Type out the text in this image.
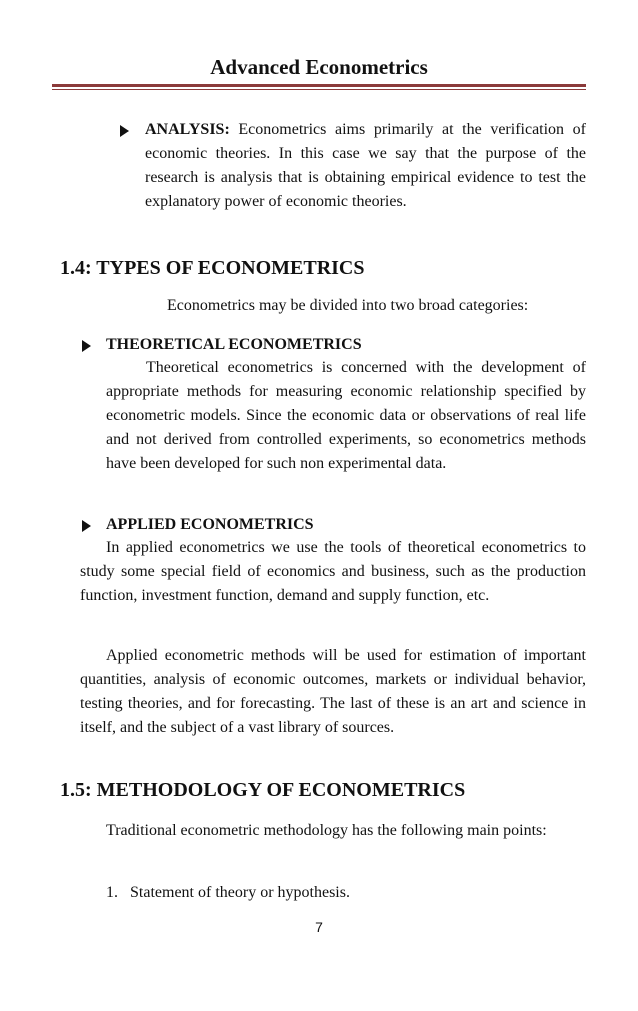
Advanced Econometrics
ANALYSIS: Econometrics aims primarily at the verification of economic theories. In this case we say that the purpose of the research is analysis that is obtaining empirical evidence to test the explanatory power of economic theories.
1.4: TYPES OF ECONOMETRICS
Econometrics may be divided into two broad categories:
THEORETICAL ECONOMETRICS
Theoretical econometrics is concerned with the development of appropriate methods for measuring economic relationship specified by econometric models. Since the economic data or observations of real life and not derived from controlled experiments, so econometrics methods have been developed for such non experimental data.
APPLIED ECONOMETRICS
In applied econometrics we use the tools of theoretical econometrics to study some special field of economics and business, such as the production function, investment function, demand and supply function, etc.
Applied econometric methods will be used for estimation of important quantities, analysis of economic outcomes, markets or individual behavior, testing theories, and for forecasting. The last of these is an art and science in itself, and the subject of a vast library of sources.
1.5: METHODOLOGY OF ECONOMETRICS
Traditional econometric methodology has the following main points:
1. Statement of theory or hypothesis.
7
